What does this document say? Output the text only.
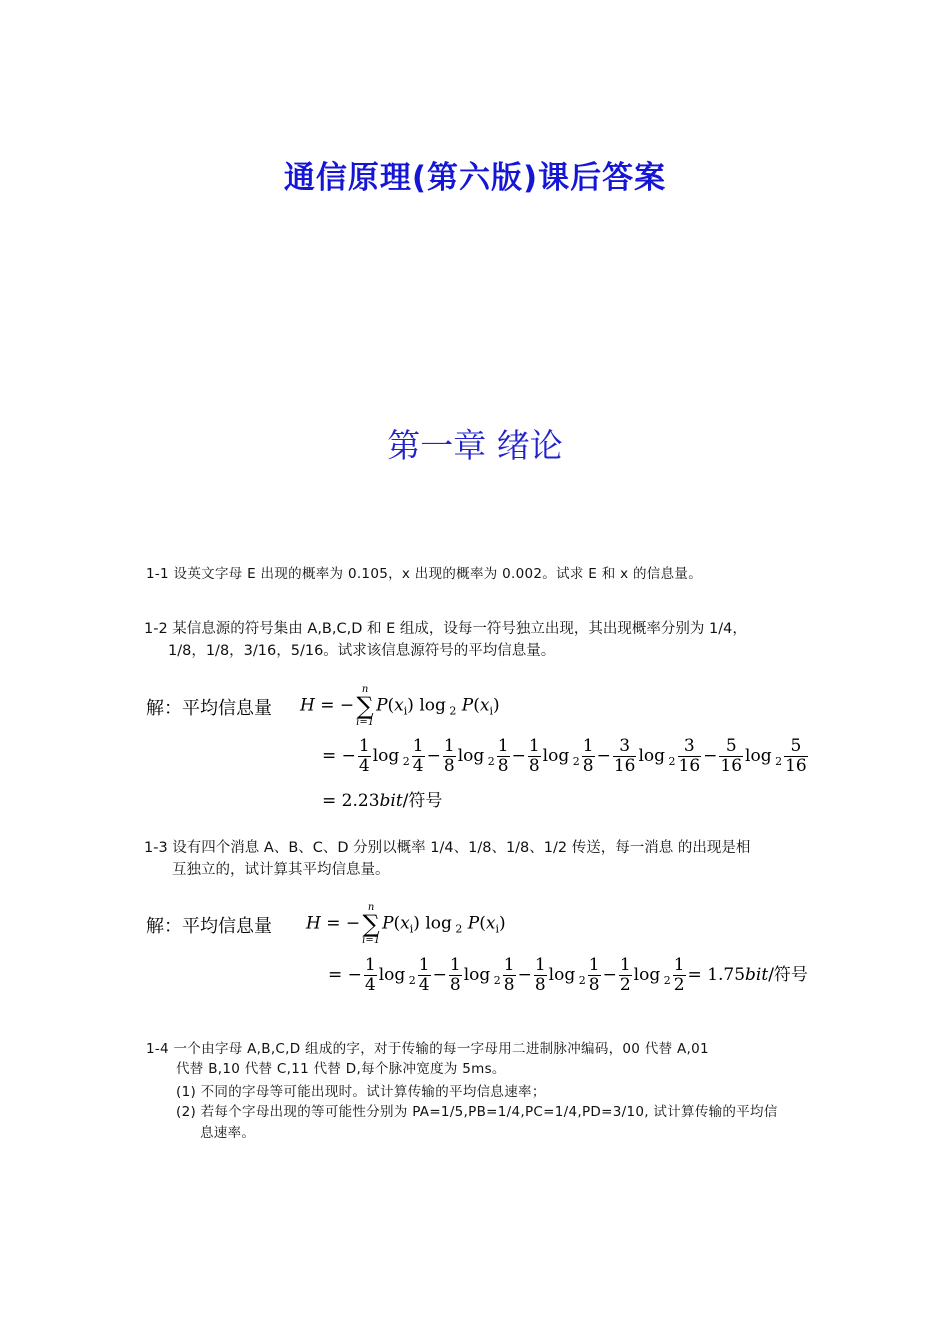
通信原理(第六版)课后答案
第一章 绪论
1-1 设英文字母 E 出现的概率为 0.105，x 出现的概率为 0.002。试求 E 和 x 的信息量。
1-2 某信息源的符号集由 A,B,C,D 和 E 组成，设每一符号独立出现，其出现概率分别为 1/4，
1/8，1/8，3/16，5/16。试求该信息源符号的平均信息量。
解：平均信息量 H = −
n
∑
i=1
$P(x_i)$ log $_2$ $P(x_i)$
= − $\frac{1}{4}$ $\log _2 \frac{1}{4} - \frac{1}{8}$ $\log _2 \frac{1}{8} - \frac{1}{8}$ $\log _2 \frac{1}{8} - \frac{3}{16}$ $\log _2 \frac{3}{16} - \frac{5}{16}$ $\log _2 \frac{5}{16}$
= 2.23bit/符号
1-3 设有四个消息 A、B、C、D 分别以概率 1/4、1/8、1/8、1/2 传送，每一消息 的出现是相
互独立的，试计算其平均信息量。
解：平均信息量 H = −
n
∑
i=1
$P(x_i)$ log $_2$ $P(x_i)$
= − $\frac{1}{4}$ $\log _2 \frac{1}{4} - \frac{1}{8}$ $\log _2 \frac{1}{8} - \frac{1}{8}$ $\log _2 \frac{1}{8} - \frac{1}{2}$ $\log _2 \frac{1}{2} = 1.75bit/$符号
1-4 一个由字母 A,B,C,D 组成的字，对于传输的每一字母用二进制脉冲编码，00 代替 A,01
代替 B,10 代替 C,11 代替 D,每个脉冲宽度为 5ms。
(1) 不同的字母等可能出现时。试计算传输的平均信息速率；
(2) 若每个字母出现的等可能性分别为 PA=1/5,PB=1/4,PC=1/4,PD=3/10, 试计算传输的平均信
息速率。
